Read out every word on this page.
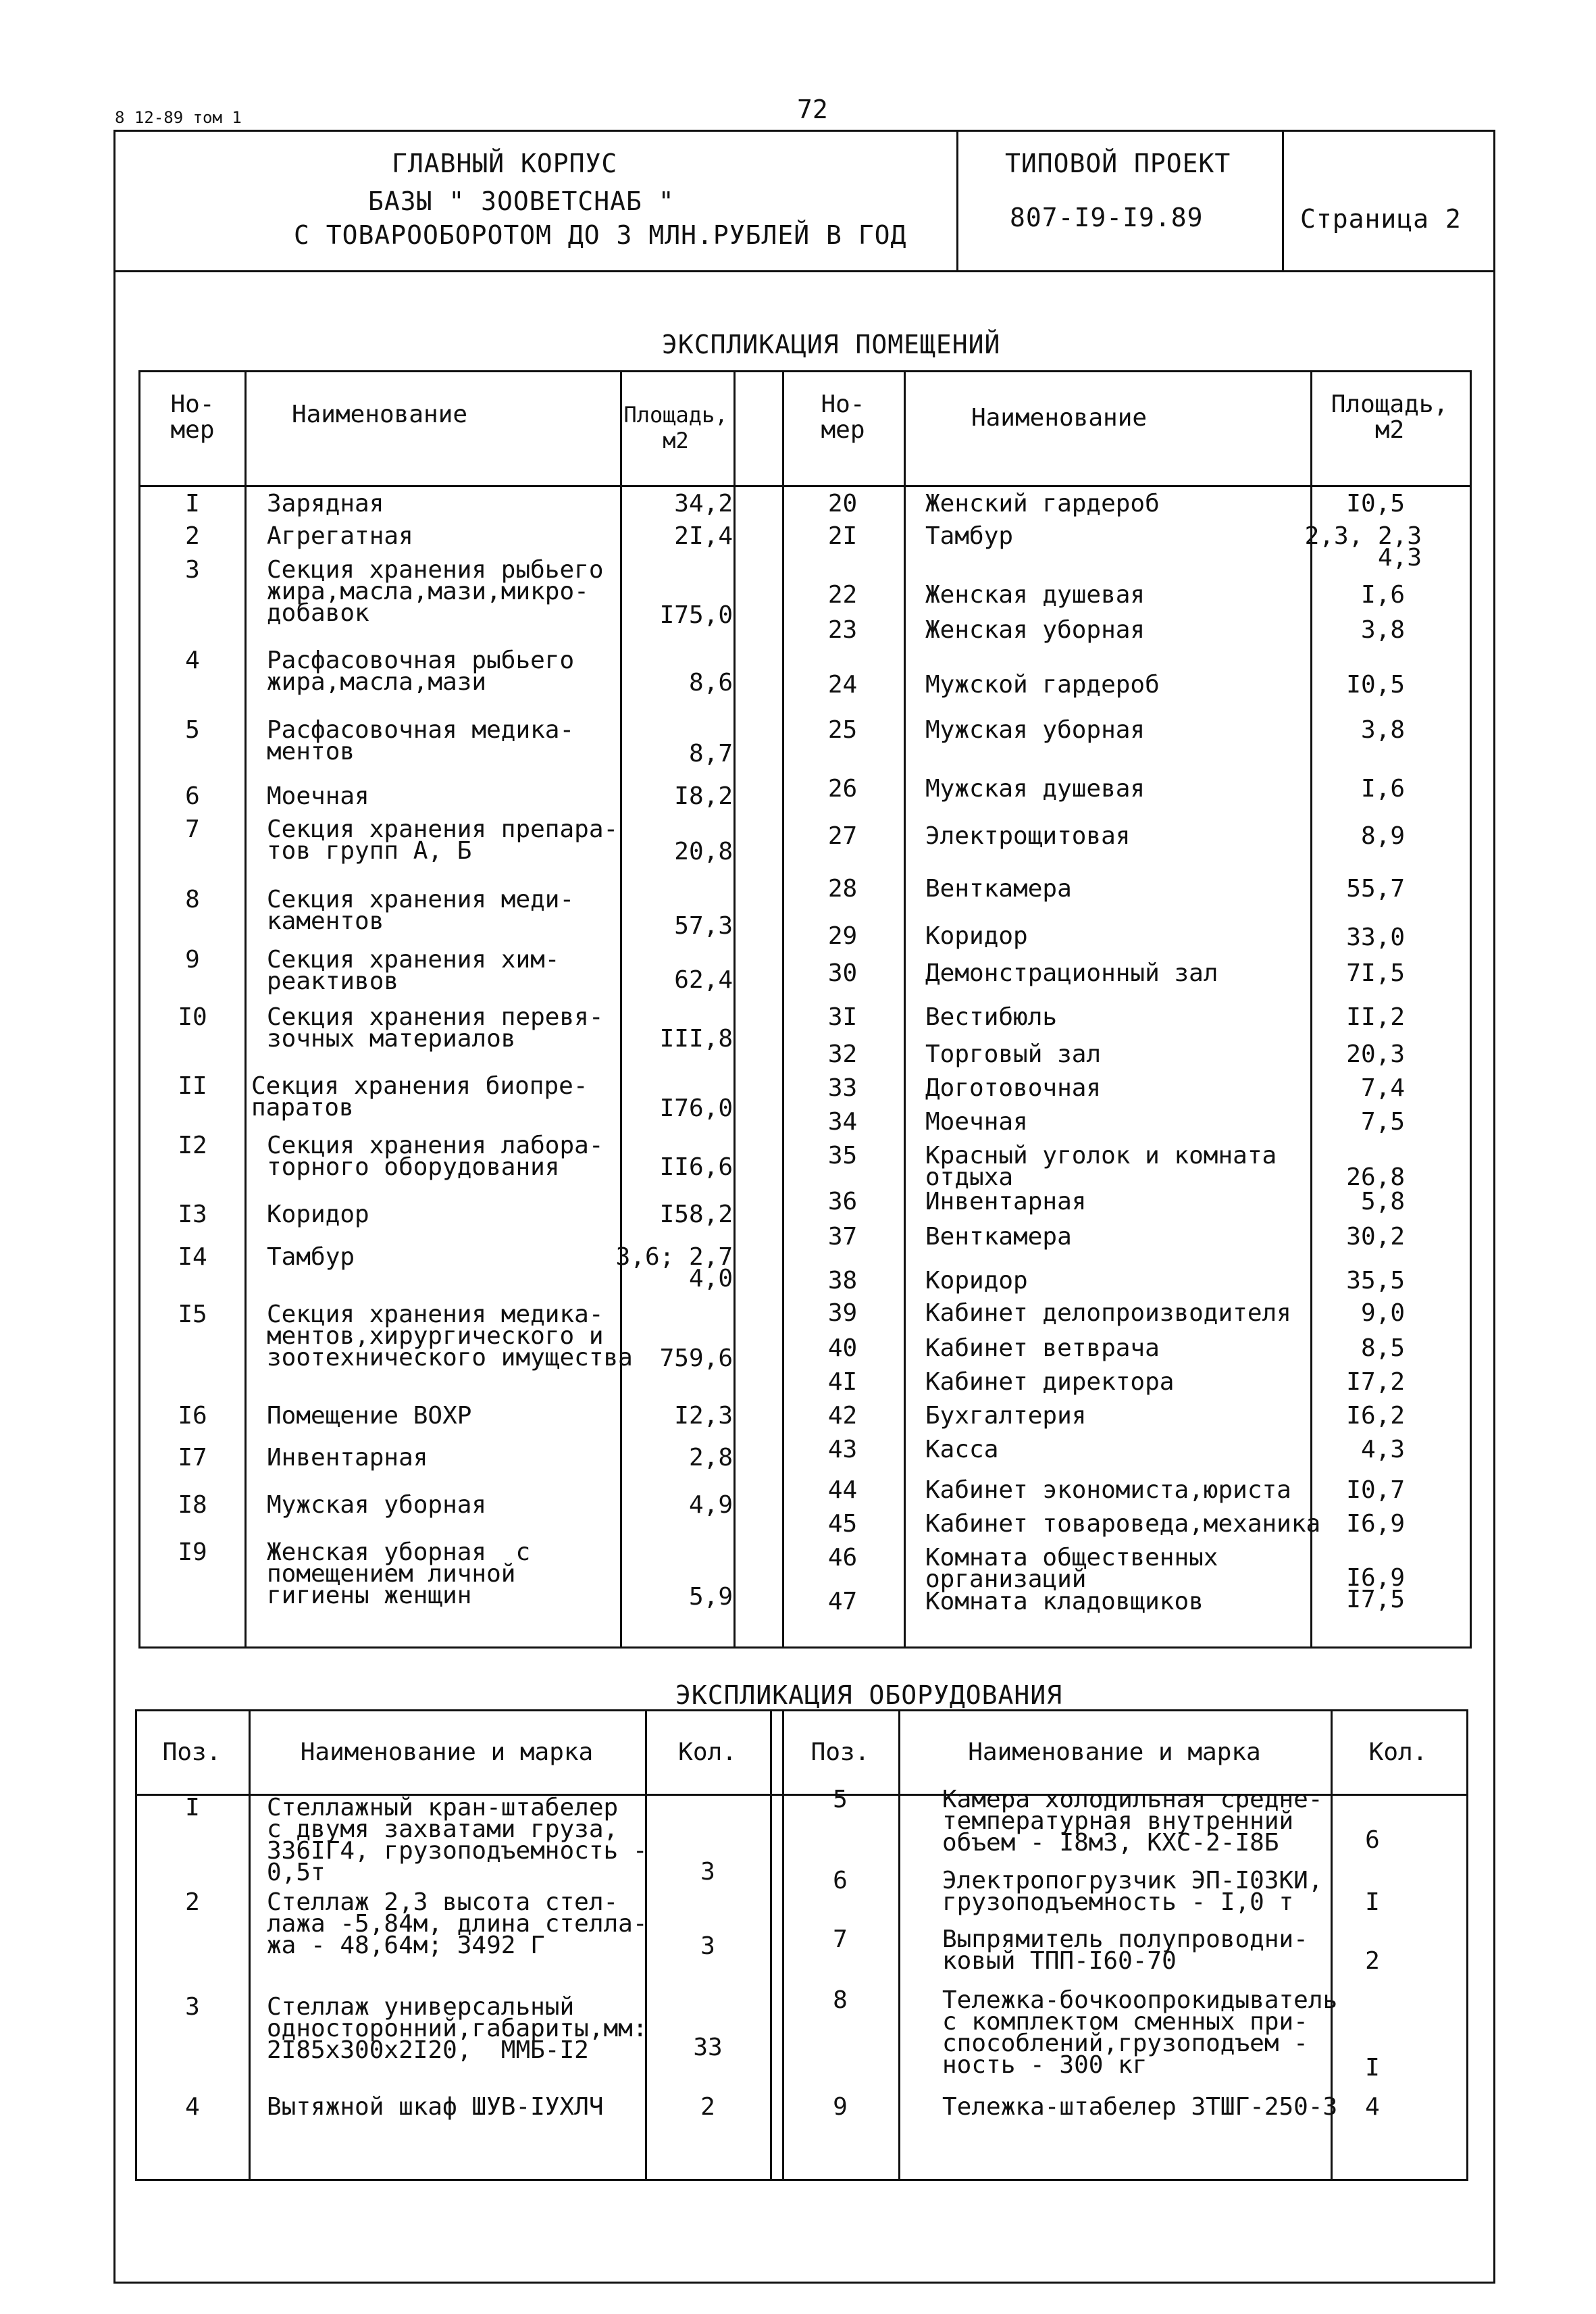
8 12-89 том 1	72
ГЛАВНЫЙ КОРПУС
БАЗЫ " ЗООВЕТСНАБ "
С ТОВАРООБОРОТОМ ДО 3 МЛН.РУБЛЕЙ В ГОД
ТИПОВОЙ ПРОЕКТ
807-I9-I9.89	Страница 2
ЭКСПЛИКАЦИЯ ПОМЕЩЕНИЙ
Но-
мер
Наименование	Площадь,
м2
Но-
мер	Наименование	Площадь,
м2
I	Зарядная	34,2
2	Агрегатная	2I,4
3	Секция хранения рыбьего
жира,масла,мази,микро-
добавок	I75,0
4	Расфасовочная рыбьего
жира,масла,мази	8,6
5	Расфасовочная медика-
ментов	8,7
6	Моечная	I8,2
7	Секция хранения препара-
тов групп А, Б	20,8
8	Секция хранения меди-
каментов	57,3
9	Секция хранения хим-
реактивов	62,4
I0	Секция хранения перевя-
зочных материалов	III,8
II	Секция хранения биопре-
паратов	I76,0
I2	Секция хранения лабора-
торного оборудования	II6,6
I3	Коридор	I58,2
I4	Тамбур	3,6; 2,7
4,0
I5	Секция хранения медика-
ментов,хирургического и
зоотехнического имущества	759,6
I6	Помещение ВОХР	I2,3
I7	Инвентарная	2,8
I8	Мужская уборная	4,9
I9	Женская уборная  с
помещением личной
гигиены женщин	5,9
20	Женский гардероб	I0,5
2I	Тамбур	2,3, 2,3
4,3
22	Женская душевая	I,6
23	Женская уборная	3,8
24	Мужской гардероб	I0,5
25	Мужская уборная	3,8
26	Мужская душевая	I,6
27	Электрощитовая	8,9
28	Венткамера	55,7
29	Коридор	33,0
30	Демонстрационный зал	7I,5
3I	Вестибюль	II,2
32	Торговый зал	20,3
33	Доготовочная	7,4
34	Моечная	7,5
35	Красный уголок и комната
отдыха	26,8
36	Инвентарная	5,8
37	Венткамера	30,2
38	Коридор	35,5
39	Кабинет делопроизводителя	9,0
40	Кабинет ветврача	8,5
4I	Кабинет директора	I7,2
42	Бухгалтерия	I6,2
43	Касса	4,3
44	Кабинет экономиста,юриста	I0,7
45	Кабинет товароведа,механика	I6,9
46	Комната общественных
организаций	I6,9
47	Комната кладовщиков	I7,5
ЭКСПЛИКАЦИЯ ОБОРУДОВАНИЯ
Поз.	Наименование и марка	Кол.	Поз.	Наименование и марка	Кол.
I	Стеллажный кран-штабелер
с двумя захватами груза,
336IГ4, грузоподъемность -
0,5т	3
2	Стеллаж 2,3 высота стел-
лажа -5,84м, длина стелла-
жа - 48,64м; 3492 Г	3
3	Стеллаж универсальный
односторонний,габариты,мм:
2I85х300х2I20,  ММБ-I2	33
4	Вытяжной шкаф ШУВ-IУХЛЧ	2
5	Камера холодильная средне-
температурная внутренний
объем - I8м3, КХС-2-I8Б	6
6	Электропогрузчик ЭП-I03КИ,
грузоподъемность - I,0 т	I
7	Выпрямитель полупроводни-
ковый ТПП-I60-70	2
8	Тележка-бочкоопрокидыватель
с комплектом сменных при-
способлений,грузоподъем -
ность - 300 кг	I
9	Тележка-штабелер ЗТШГ-250-3	4
